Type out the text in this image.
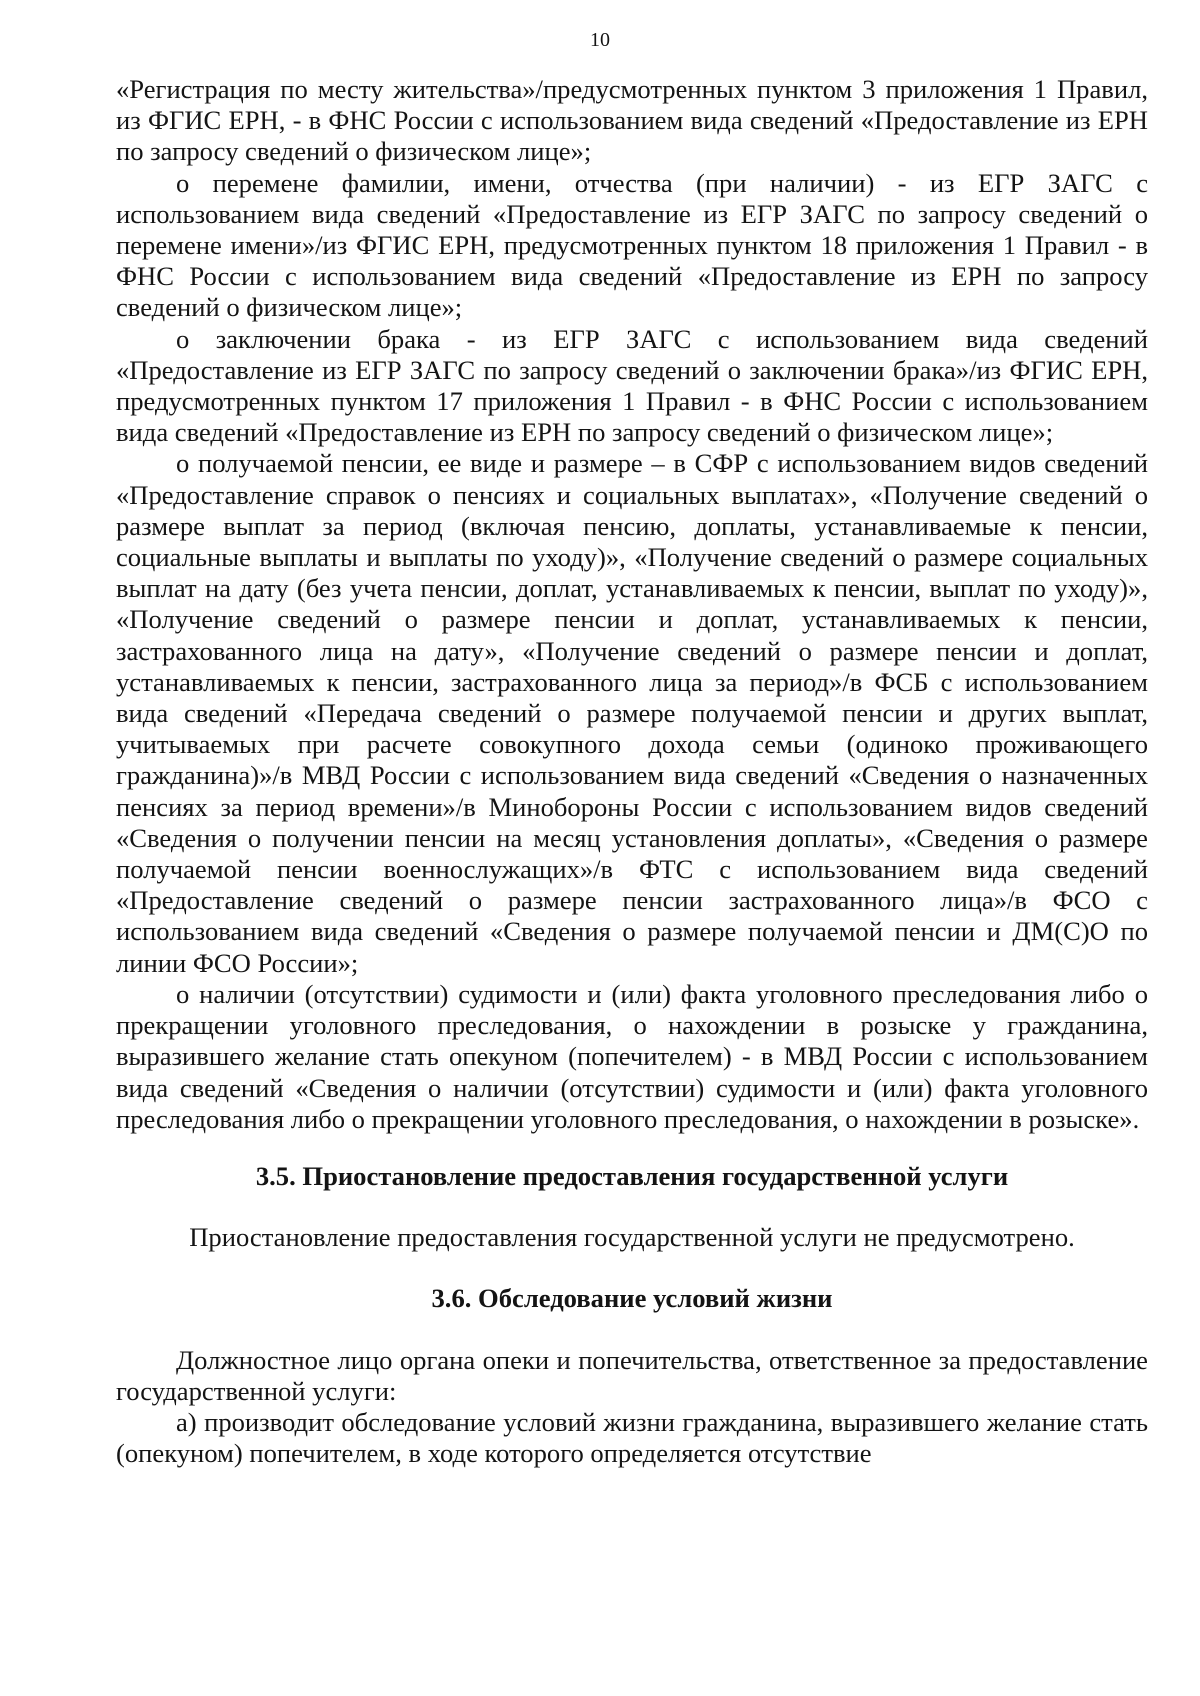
10

«Регистрация по месту жительства»/предусмотренных пунктом 3 приложения 1 Правил, из ФГИС ЕРН, - в ФНС России с использованием вида сведений «Предоставление из ЕРН по запросу сведений о физическом лице»;

о перемене фамилии, имени, отчества (при наличии) - из ЕГР ЗАГС с использованием вида сведений «Предоставление из ЕГР ЗАГС по запросу сведений о перемене имени»/из ФГИС ЕРН, предусмотренных пунктом 18 приложения 1 Правил - в ФНС России с использованием вида сведений «Предоставление из ЕРН по запросу сведений о физическом лице»;

о заключении брака - из ЕГР ЗАГС с использованием вида сведений «Предоставление из ЕГР ЗАГС по запросу сведений о заключении брака»/из ФГИС ЕРН, предусмотренных пунктом 17 приложения 1 Правил - в ФНС России с использованием вида сведений «Предоставление из ЕРН по запросу сведений о физическом лице»;

о получаемой пенсии, ее виде и размере – в СФР с использованием видов сведений «Предоставление справок о пенсиях и социальных выплатах», «Получение сведений о размере выплат за период (включая пенсию, доплаты, устанавливаемые к пенсии, социальные выплаты и выплаты по уходу)», «Получение сведений о размере социальных выплат на дату (без учета пенсии, доплат, устанавливаемых к пенсии, выплат по уходу)», «Получение сведений о размере пенсии и доплат, устанавливаемых к пенсии, застрахованного лица на дату», «Получение сведений о размере пенсии и доплат, устанавливаемых к пенсии, застрахованного лица за период»/в ФСБ с использованием вида сведений «Передача сведений о размере получаемой пенсии и других выплат, учитываемых при расчете совокупного дохода семьи (одиноко проживающего гражданина)»/в МВД России с использованием вида сведений «Сведения о назначенных пенсиях за период времени»/в Минобороны России с использованием видов сведений «Сведения о получении пенсии на месяц установления доплаты», «Сведения о размере получаемой пенсии военнослужащих»/в ФТС с использованием вида сведений «Предоставление сведений о размере пенсии застрахованного лица»/в ФСО с использованием вида сведений «Сведения о размере получаемой пенсии и ДМ(С)О по линии ФСО России»;

о наличии (отсутствии) судимости и (или) факта уголовного преследования либо о прекращении уголовного преследования, о нахождении в розыске у гражданина, выразившего желание стать опекуном (попечителем) - в МВД России с использованием вида сведений «Сведения о наличии (отсутствии) судимости и (или) факта уголовного преследования либо о прекращении уголовного преследования, о нахождении в розыске».

3.5. Приостановление предоставления государственной услуги

Приостановление предоставления государственной услуги не предусмотрено.

3.6. Обследование условий жизни

Должностное лицо органа опеки и попечительства, ответственное за предоставление государственной услуги:

а) производит обследование условий жизни гражданина, выразившего желание стать (опекуном) попечителем, в ходе которого определяется отсутствие
